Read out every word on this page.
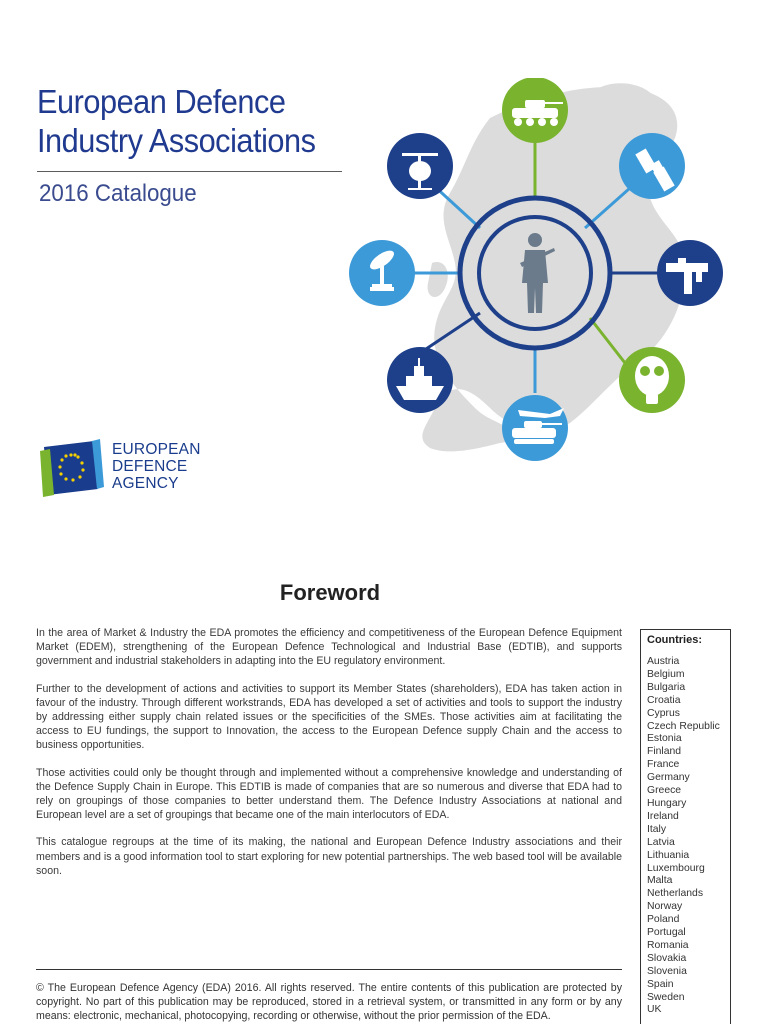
European Defence
Industry Associations
2016 Catalogue
EUROPEAN
DEFENCE
AGENCY
Foreword

In the area of Market & Industry the EDA promotes the efficiency and competitiveness of the European Defence Equipment Market (EDEM), strengthening of the European Defence Technological and Industrial Base (EDTIB), and supports government and industrial stakeholders in adapting into the EU regulatory environment.

Further to the development of actions and activities to support its Member States (shareholders), EDA has taken action in favour of the industry. Through different workstrands, EDA has developed a set of activities and tools to support the industry by addressing either supply chain related issues or the specificities of the SMEs. Those activities aim at facilitating the access to EU fundings, the support to Innovation, the access to the European Defence supply Chain and the access to business opportunities.

Those activities could only be thought through and implemented without a comprehensive knowledge and understanding of the Defence Supply Chain in Europe. This EDTIB is made of companies that are so numerous and diverse that EDA had to rely on groupings of those companies to better understand them. The Defence Industry Associations at national and European level are a set of groupings that became one of the main interlocutors of EDA.

This catalogue regroups at the time of its making, the national and European Defence Industry associations and their members and is a good information tool to start exploring for new potential partnerships. The web based tool will be available soon.

Countries:
Austria
Belgium
Bulgaria
Croatia
Cyprus
Czech Republic
Estonia
Finland
France
Germany
Greece
Hungary
Ireland
Italy
Latvia
Lithuania
Luxembourg
Malta
Netherlands
Norway
Poland
Portugal
Romania
Slovakia
Slovenia
Spain
Sweden
UK
© The European Defence Agency (EDA) 2016. All rights reserved. The entire contents of this publication are protected by copyright. No part of this publication may be reproduced, stored in a retrieval system, or transmitted in any form or by any means: electronic, mechanical, photocopying, recording or otherwise, without the prior permission of the EDA.
